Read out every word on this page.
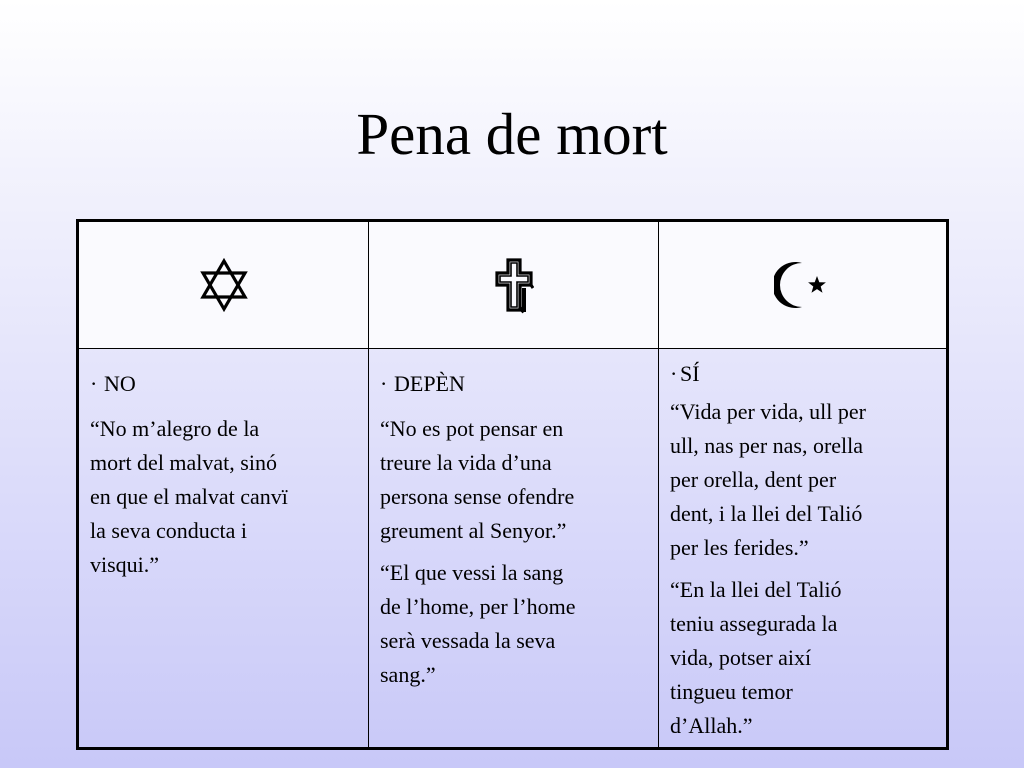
Pena de mort

· NO

“No m’alegro de la
mort del malvat, sinó
en que el malvat canvï
la seva conducta i
visqui.”

· DEPÈN

“No es pot pensar en
treure la vida d’una
persona sense ofendre
greument al Senyor.”

“El que vessi la sang
de l’home, per l’home
serà vessada la seva
sang.”

· SÍ

“Vida per vida, ull per
ull, nas per nas, orella
per orella, dent per
dent, i la llei del Talió
per les ferides.”

“En la llei del Talió
teniu assegurada la
vida, potser així
tingueu temor
d’Allah.”
